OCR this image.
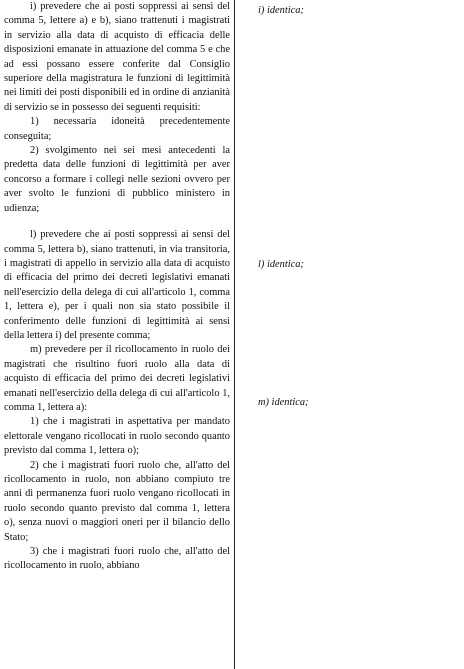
i) prevedere che ai posti soppressi ai sensi del comma 5, lettere a) e b), siano trattenuti i magistrati in servizio alla data di acquisto di efficacia delle disposizioni emanate in attuazione del comma 5 e che ad essi possano essere conferite dal Consiglio superiore della magistratura le funzioni di legittimità nei limiti dei posti disponibili ed in ordine di anzianità di servizio se in possesso dei seguenti requisiti:

1) necessaria idoneità precedentemente conseguita;

2) svolgimento nei sei mesi antecedenti la predetta data delle funzioni di legittimità per aver concorso a formare i collegi nelle sezioni ovvero per aver svolto le funzioni di pubblico ministero in udienza;

l) prevedere che ai posti soppressi ai sensi del comma 5, lettera b), siano trattenuti, in via transitoria, i magistrati di appello in servizio alla data di acquisto di efficacia del primo dei decreti legislativi emanati nell'esercizio della delega di cui all'articolo 1, comma 1, lettera e), per i quali non sia stato possibile il conferimento delle funzioni di legittimità ai sensi della lettera i) del presente comma;

m) prevedere per il ricollocamento in ruolo dei magistrati che risultino fuori ruolo alla data di acquisto di efficacia del primo dei decreti legislativi emanati nell'esercizio della delega di cui all'articolo 1, comma 1, lettera a):

1) che i magistrati in aspettativa per mandato elettorale vengano ricollocati in ruolo secondo quanto previsto dal comma 1, lettera o);

2) che i magistrati fuori ruolo che, all'atto del ricollocamento in ruolo, non abbiano compiuto tre anni di permanenza fuori ruolo vengano ricollocati in ruolo secondo quanto previsto dal comma 1, lettera o), senza nuovi o maggiori oneri per il bilancio dello Stato;

3) che i magistrati fuori ruolo che, all'atto del ricollocamento in ruolo, abbiano

i) identica;
l) identica;
m) identica;
